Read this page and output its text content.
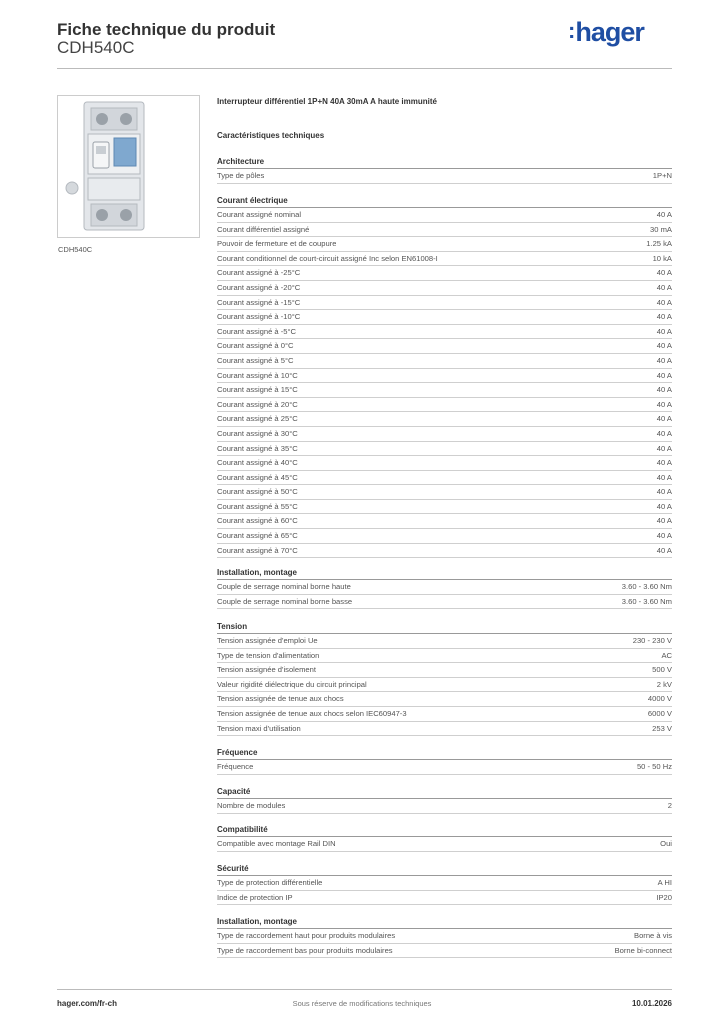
Fiche technique du produit
CDH540C
:hager
CDH540C
Interrupteur différentiel 1P+N 40A 30mA A haute immunité
Caractéristiques techniques
Architecture
Type de pôles	1P+N
Courant électrique
Courant assigné nominal	40 A
Courant différentiel assigné	30 mA
Pouvoir de fermeture et de coupure	1.25 kA
Courant conditionnel de court-circuit assigné Inc selon EN61008-I	10 kA
Courant assigné à -25°C	40 A
Courant assigné à -20°C	40 A
Courant assigné à -15°C	40 A
Courant assigné à -10°C	40 A
Courant assigné à -5°C	40 A
Courant assigné à 0°C	40 A
Courant assigné à 5°C	40 A
Courant assigné à 10°C	40 A
Courant assigné à 15°C	40 A
Courant assigné à 20°C	40 A
Courant assigné à 25°C	40 A
Courant assigné à 30°C	40 A
Courant assigné à 35°C	40 A
Courant assigné à 40°C	40 A
Courant assigné à 45°C	40 A
Courant assigné à 50°C	40 A
Courant assigné à 55°C	40 A
Courant assigné à 60°C	40 A
Courant assigné à 65°C	40 A
Courant assigné à 70°C	40 A
Installation, montage
Couple de serrage nominal borne haute	3.60 - 3.60 Nm
Couple de serrage nominal borne basse	3.60 - 3.60 Nm
Tension
Tension assignée d'emploi Ue	230 - 230 V
Type de tension d'alimentation	AC
Tension assignée d'isolement	500 V
Valeur rigidité diélectrique du circuit principal	2 kV
Tension assignée de tenue aux chocs	4000 V
Tension assignée de tenue aux chocs selon IEC60947-3	6000 V
Tension maxi d'utilisation	253 V
Fréquence
Fréquence	50 - 50 Hz
Capacité
Nombre de modules	2
Compatibilité
Compatible avec montage Rail DIN	Oui
Sécurité
Type de protection différentielle	A HI
Indice de protection IP	IP20
Installation, montage
Type de raccordement haut pour produits modulaires	Borne à vis
Type de raccordement bas pour produits modulaires	Borne bi-connect
Sous réserve de modifications techniques
hager.com/fr-ch	10.01.2026
